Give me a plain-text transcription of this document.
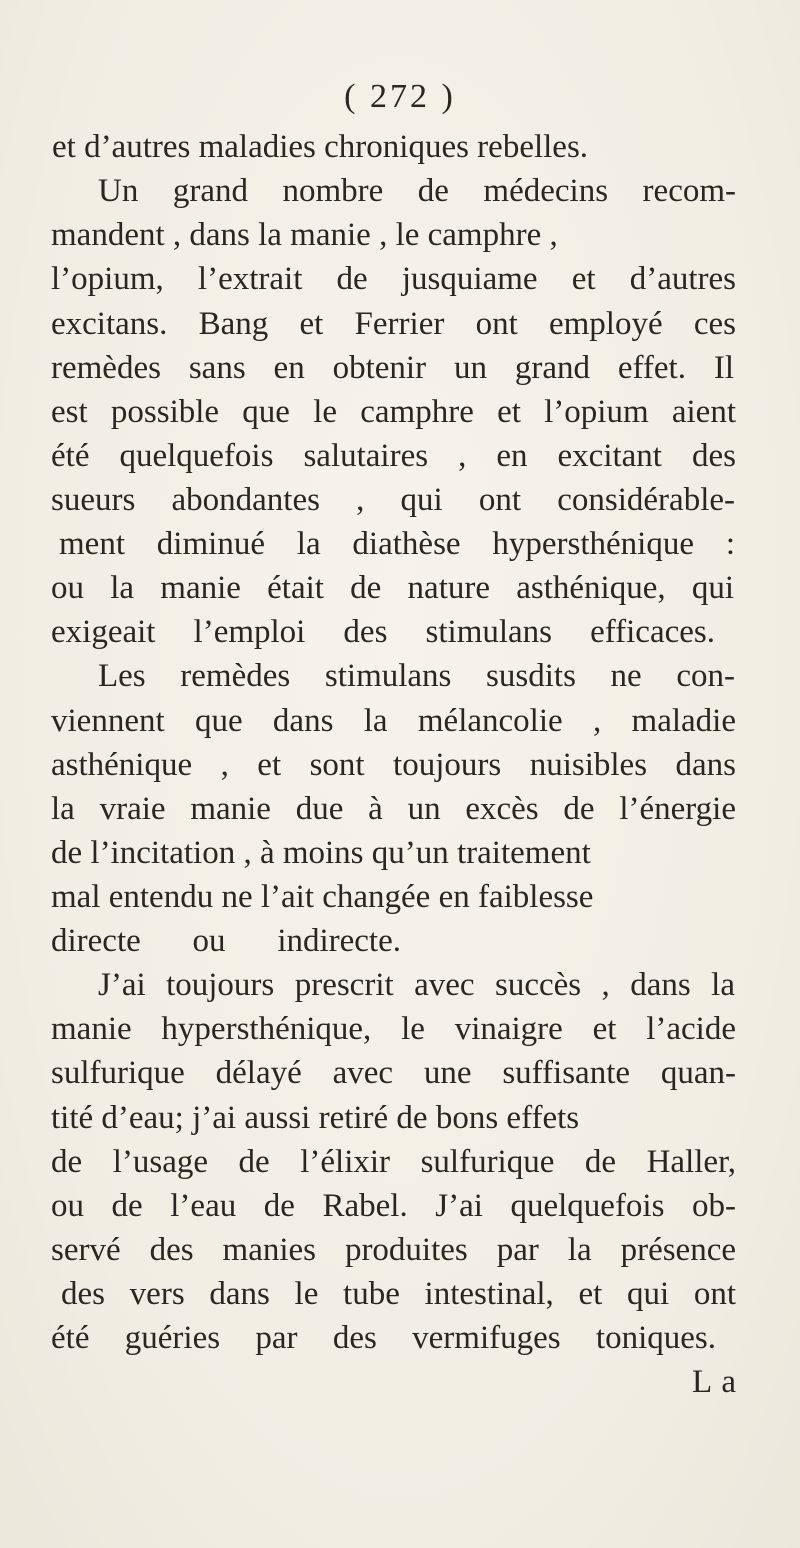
( 272 )
et d’autres maladies chroniques rebelles.
Un grand nombre de médecins recom-
mandent , dans la manie , le camphre ,
l’opium, l’extrait de jusquiame et d’autres
excitans. Bang et Ferrier ont employé ces
remèdes sans en obtenir un grand effet. Il
est possible que le camphre et l’opium aient
été quelquefois salutaires , en excitant des
sueurs abondantes , qui ont considérable-
ment diminué la diathèse hypersthénique :
ou la manie était de nature asthénique, qui
exigeait l’emploi des stimulans efficaces.
Les remèdes stimulans susdits ne con-
viennent que dans la mélancolie , maladie
asthénique , et sont toujours nuisibles dans
la vraie manie due à un excès de l’énergie
de l’incitation , à moins qu’un traitement
mal entendu ne l’ait changée en faiblesse
directe ou indirecte.
J’ai toujours prescrit avec succès , dans la
manie hypersthénique, le vinaigre et l’acide
sulfurique délayé avec une suffisante quan-
tité d’eau; j’ai aussi retiré de bons effets
de l’usage de l’élixir sulfurique de Haller,
ou de l’eau de Rabel. J’ai quelquefois ob-
servé des manies produites par la présence
des vers dans le tube intestinal, et qui ont
été guéries par des vermifuges toniques.
La
